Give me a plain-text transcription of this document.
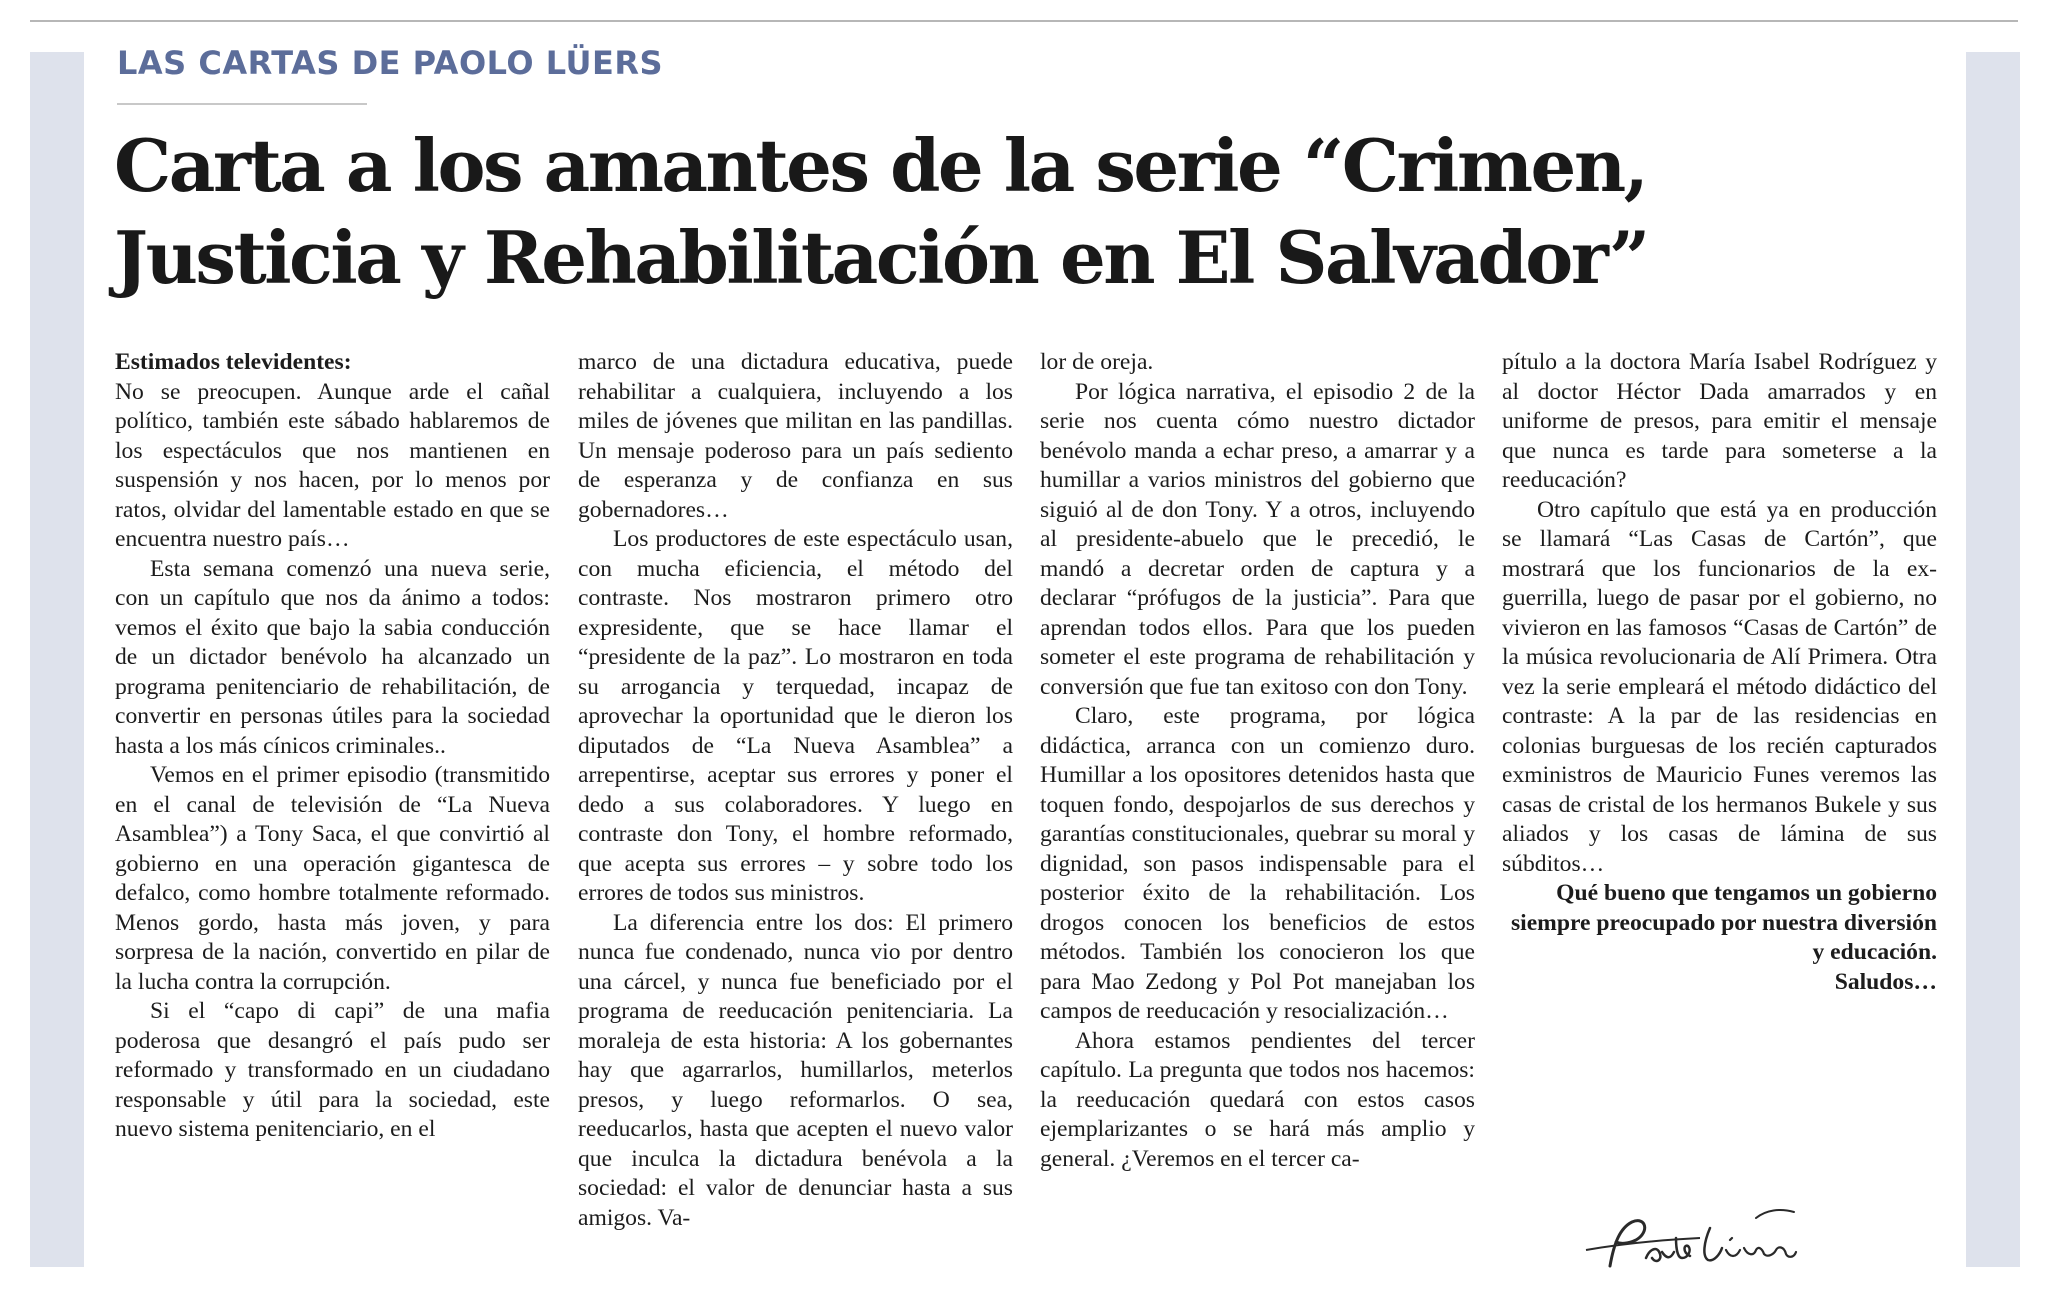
LAS CARTAS DE PAOLO LÜERS
Carta a los amantes de la serie “Crimen, Justicia y Rehabilitación en El Salvador”

Estimados televidentes:

No se preocupen. Aunque arde el cañal político, también este sábado hablaremos de los espectáculos que nos mantienen en suspensión y nos hacen, por lo menos por ratos, olvidar del lamentable estado en que se encuentra nuestro país…

Esta semana comenzó una nueva serie, con un capítulo que nos da ánimo a todos: vemos el éxito que bajo la sabia conducción de un dictador benévolo ha alcanzado un programa penitenciario de rehabilitación, de convertir en personas útiles para la sociedad hasta a los más cínicos criminales..

Vemos en el primer episodio (transmitido en el canal de televisión de “La Nueva Asamblea”) a Tony Saca, el que convirtió al gobierno en una operación gigantesca de defalco, como hombre totalmente reformado. Menos gordo, hasta más joven, y para sorpresa de la nación, convertido en pilar de la lucha contra la corrupción.

Si el “capo di capi” de una mafia poderosa que desangró el país pudo ser reformado y transformado en un ciudadano responsable y útil para la sociedad, este nuevo sistema penitenciario, en el

marco de una dictadura educativa, puede rehabilitar a cualquiera, incluyendo a los miles de jóvenes que militan en las pandillas. Un mensaje poderoso para un país sediento de esperanza y de confianza en sus gobernadores…

Los productores de este espectáculo usan, con mucha eficiencia, el método del contraste. Nos mostraron primero otro expresidente, que se hace llamar el “presidente de la paz”. Lo mostraron en toda su arrogancia y terquedad, incapaz de aprovechar la oportunidad que le dieron los diputados de “La Nueva Asamblea” a arrepentirse, aceptar sus errores y poner el dedo a sus colaboradores. Y luego en contraste don Tony, el hombre reformado, que acepta sus errores – y sobre todo los errores de todos sus ministros.

La diferencia entre los dos: El primero nunca fue condenado, nunca vio por dentro una cárcel, y nunca fue beneficiado por el programa de reeducación penitenciaria. La moraleja de esta historia: A los gobernantes hay que agarrarlos, humillarlos, meterlos presos, y luego reformarlos. O sea, reeducarlos, hasta que acepten el nuevo valor que inculca la dictadura benévola a la sociedad: el valor de denunciar hasta a sus amigos. Va-

lor de oreja.

Por lógica narrativa, el episodio 2 de la serie nos cuenta cómo nuestro dictador benévolo manda a echar preso, a amarrar y a humillar a varios ministros del gobierno que siguió al de don Tony. Y a otros, incluyendo al presidente-abuelo que le precedió, le mandó a decretar orden de captura y a declarar “prófugos de la justicia”. Para que aprendan todos ellos. Para que los pueden someter el este programa de rehabilitación y conversión que fue tan exitoso con don Tony.

Claro, este programa, por lógica didáctica, arranca con un comienzo duro. Humillar a los opositores detenidos hasta que toquen fondo, despojarlos de sus derechos y garantías constitucionales, quebrar su moral y dignidad, son pasos indispensable para el posterior éxito de la rehabilitación. Los drogos conocen los beneficios de estos métodos. También los conocieron los que para Mao Zedong y Pol Pot manejaban los campos de reeducación y resocialización…

Ahora estamos pendientes del tercer capítulo. La pregunta que todos nos hacemos: la reeducación quedará con estos casos ejemplarizantes o se hará más amplio y general. ¿Veremos en el tercer ca-

pítulo a la doctora María Isabel Rodríguez y al doctor Héctor Dada amarrados y en uniforme de presos, para emitir el mensaje que nunca es tarde para someterse a la reeducación?

Otro capítulo que está ya en producción se llamará “Las Casas de Cartón”, que mostrará que los funcionarios de la ex-guerrilla, luego de pasar por el gobierno, no vivieron en las famosos “Casas de Cartón” de la música revolucionaria de Alí Primera. Otra vez la serie empleará el método didáctico del contraste: A la par de las residencias en colonias burguesas de los recién capturados exministros de Mauricio Funes veremos las casas de cristal de los hermanos Bukele y sus aliados y los casas de lámina de sus súbditos…

Qué bueno que tengamos un gobierno siempre preocupado por nuestra diversión y educación.

Saludos…
